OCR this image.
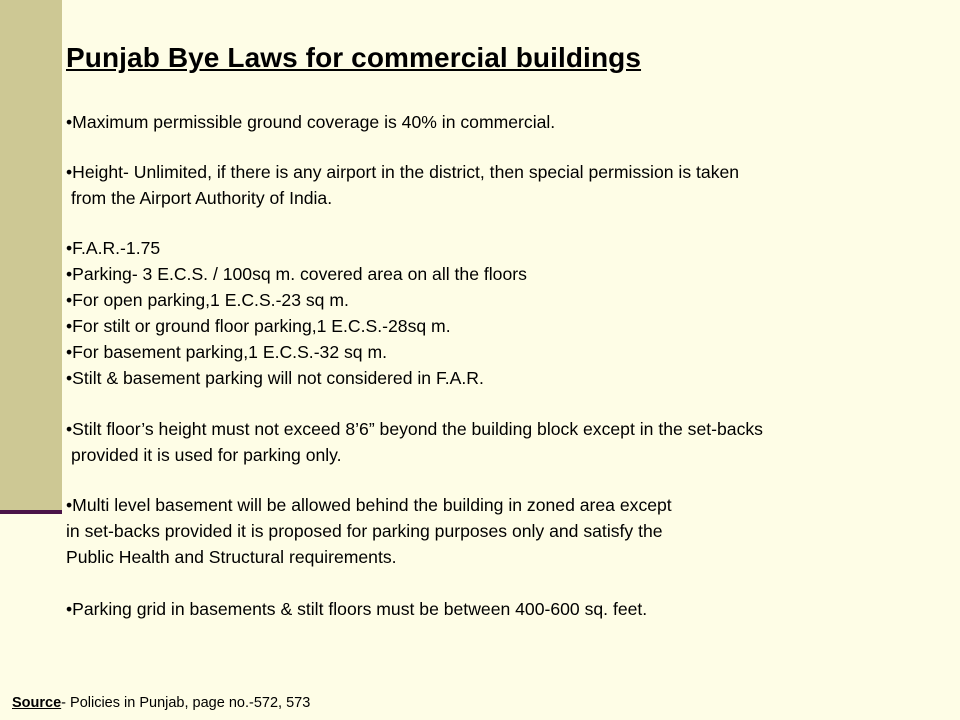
Punjab Bye Laws for commercial buildings
•Maximum permissible ground coverage is 40% in commercial.
•Height- Unlimited, if there is any airport in the district, then special permission is taken
from the Airport Authority of India.
•F.A.R.-1.75
•Parking- 3 E.C.S. / 100sq m. covered area on all the floors
•For open parking,1 E.C.S.-23 sq m.
•For stilt or ground floor parking,1 E.C.S.-28sq m.
•For basement parking,1 E.C.S.-32 sq m.
•Stilt & basement parking will not considered in F.A.R.
•Stilt floor’s height must not exceed 8’6” beyond the building block except in the set-backs
provided it is used for parking only.
•Multi level basement will be allowed behind the building in zoned area except
in set-backs provided it is proposed for parking purposes only and satisfy the
Public Health and Structural requirements.
•Parking grid in basements & stilt floors must be between 400-600 sq. feet.
Source- Policies in Punjab, page no.-572, 573
